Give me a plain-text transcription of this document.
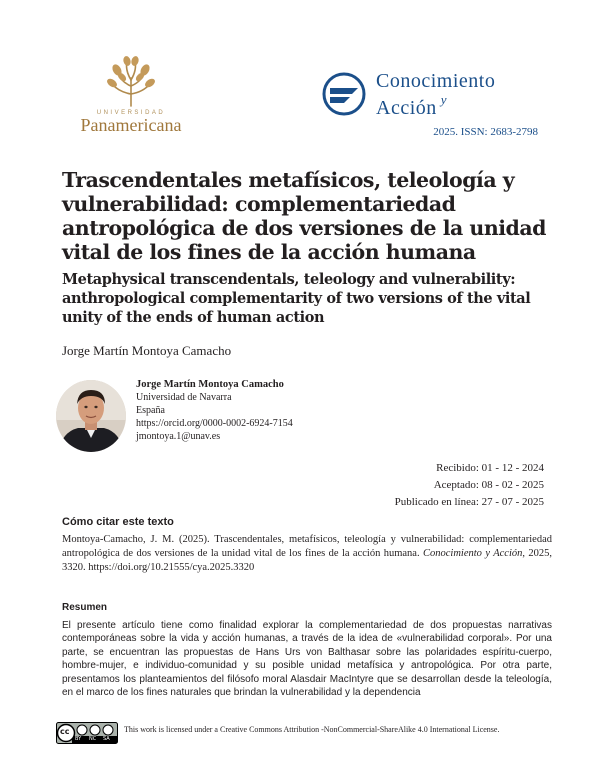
UNIVERSIDAD
Panamericana
Conocimiento
Acción $^y$
2025. ISSN: 2683-2798
Trascendentales metafísicos, teleología y vulnerabilidad: complementariedad antropológica de dos versiones de la unidad vital de los fines de la acción humana
Metaphysical transcendentals, teleology and vulnerability: anthropological complementarity of two versions of the vital unity of the ends of human action
Jorge Martín Montoya Camacho
Jorge Martín Montoya Camacho
Universidad de Navarra
España
https://orcid.org/0000-0002-6924-7154
jmontoya.1@unav.es
Recibido: 01 - 12 - 2024
Aceptado: 08 - 02 - 2025
Publicado en línea: 27 - 07 - 2025
Cómo citar este texto
Montoya-Camacho, J. M. (2025). Trascendentales, metafísicos, teleología y vulnerabilidad: complementariedad antropológica de dos versiones de la unidad vital de los fines de la acción humana. Conocimiento y Acción, 2025, 3320. https://doi.org/10.21555/cya.2025.3320
Resumen
El presente artículo tiene como finalidad explorar la complementariedad de dos propuestas narrativas contemporáneas sobre la vida y acción humanas, a través de la idea de «vulnerabilidad corporal». Por una parte, se encuentran las propuestas de Hans Urs von Balthasar sobre las polaridades espíritu-cuerpo, hombre-mujer, e individuo-comunidad y su posible unidad metafísica y antropológica. Por otra parte, presentamos los planteamientos del filósofo moral Alasdair MacIntyre que se desarrollan desde la teleología, en el marco de los fines naturales que brindan la vulnerabilidad y la dependencia
cc
BY NC SA
This work is licensed under a Creative Commons Attribution -NonCommercial-ShareAlike 4.0 International License.
